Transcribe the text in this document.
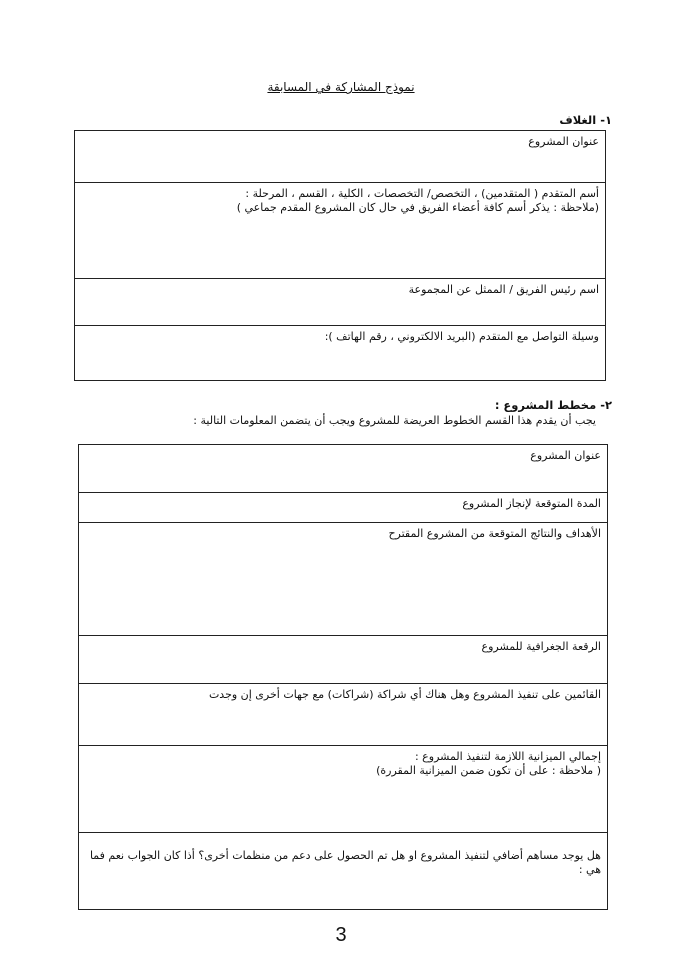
نموذج المشاركة في المسابقة
١- الغلاف
عنوان المشروع

أسم المتقدم ( المتقدمين) ، التخصص/ التخصصات ، الكلية ، القسم ، المرحلة :
(ملاحظة : يذكر أسم كافة أعضاء الفريق في حال كان المشروع المقدم جماعي )

اسم رئيس الفريق / الممثل عن المجموعة

وسيلة التواصل مع المتقدم (البريد الالكتروني ، رقم الهاتف ):
٢- مخطط المشروع :
يجب أن يقدم هذا القسم الخطوط العريضة للمشروع ويجب أن يتضمن المعلومات التالية :
عنوان المشروع

المدة المتوقعة لإنجاز المشروع

الأهداف والنتائج المتوقعة من المشروع المقترح

الرقعة الجغرافية للمشروع

القائمين على تنفيذ المشروع وهل هناك أي شراكة (شراكات) مع جهات أخرى إن وجدت

إجمالي الميزانية اللازمة لتنفيذ المشروع :
( ملاحظة : على أن تكون ضمن الميزانية المقررة)

هل يوجد مساهم أضافي لتنفيذ المشروع او هل تم الحصول على دعم من منظمات أخرى؟ أذا كان الجواب نعم فما هي :
3
